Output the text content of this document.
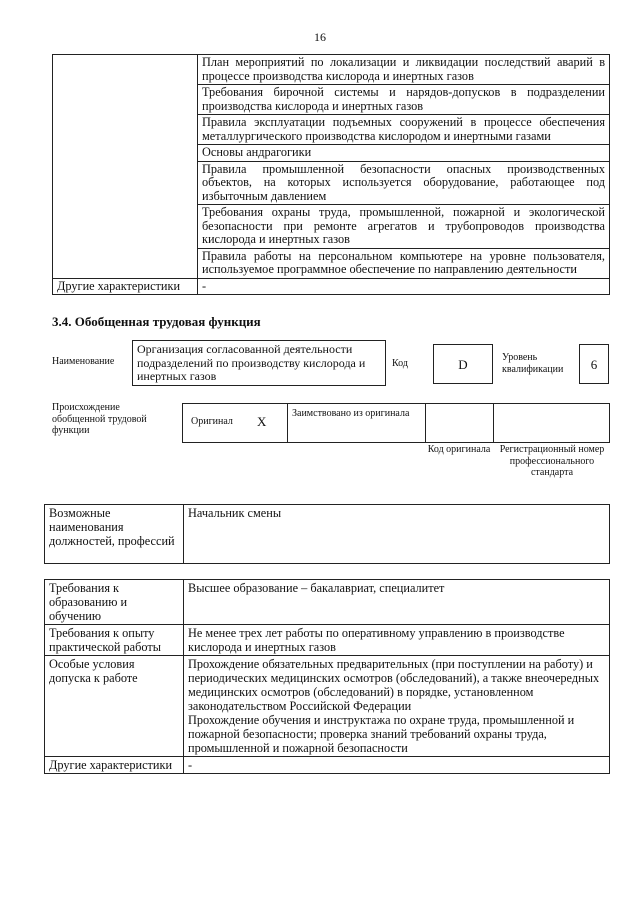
16
	План мероприятий по локализации и ликвидации последствий аварий в процессе производства кислорода и инертных газов
	Требования бирочной системы и нарядов-допусков в подразделении производства кислорода и инертных газов
	Правила эксплуатации подъемных сооружений в процессе обеспечения металлургического производства кислородом и инертными газами
	Основы андрагогики
	Правила промышленной безопасности опасных производственных объектов, на которых используется оборудование, работающее под избыточным давлением
	Требования охраны труда, промышленной, пожарной и экологической безопасности при ремонте агрегатов и трубопроводов производства кислорода и инертных газов
	Правила работы на персональном компьютере на уровне пользователя, используемое программное обеспечение по направлению деятельности
Другие характеристики	-
3.4. Обобщенная трудовая функция
Наименование
Организация согласованной деятельности подразделений по производству кислорода и инертных газов
Код	D	Уровень квалификации	6
Происхождение обобщенной трудовой функции
Оригинал X
Заимствовано из оригинала
Код оригинала Регистрационный номер профессионального стандарта
Возможные наименования должностей, профессий	Начальник смены
Требования к образованию и обучению	Высшее образование – бакалавриат, специалитет
Требования к опыту практической работы	Не менее трех лет работы по оперативному управлению в производстве кислорода и инертных газов
Особые условия допуска к работе	Прохождение обязательных предварительных (при поступлении на работу) и периодических медицинских осмотров (обследований), а также внеочередных медицинских осмотров (обследований) в порядке, установленном законодательством Российской Федерации
Прохождение обучения и инструктажа по охране труда, промышленной и пожарной безопасности; проверка знаний требований охраны труда, промышленной и пожарной безопасности

Другие характеристики	-
